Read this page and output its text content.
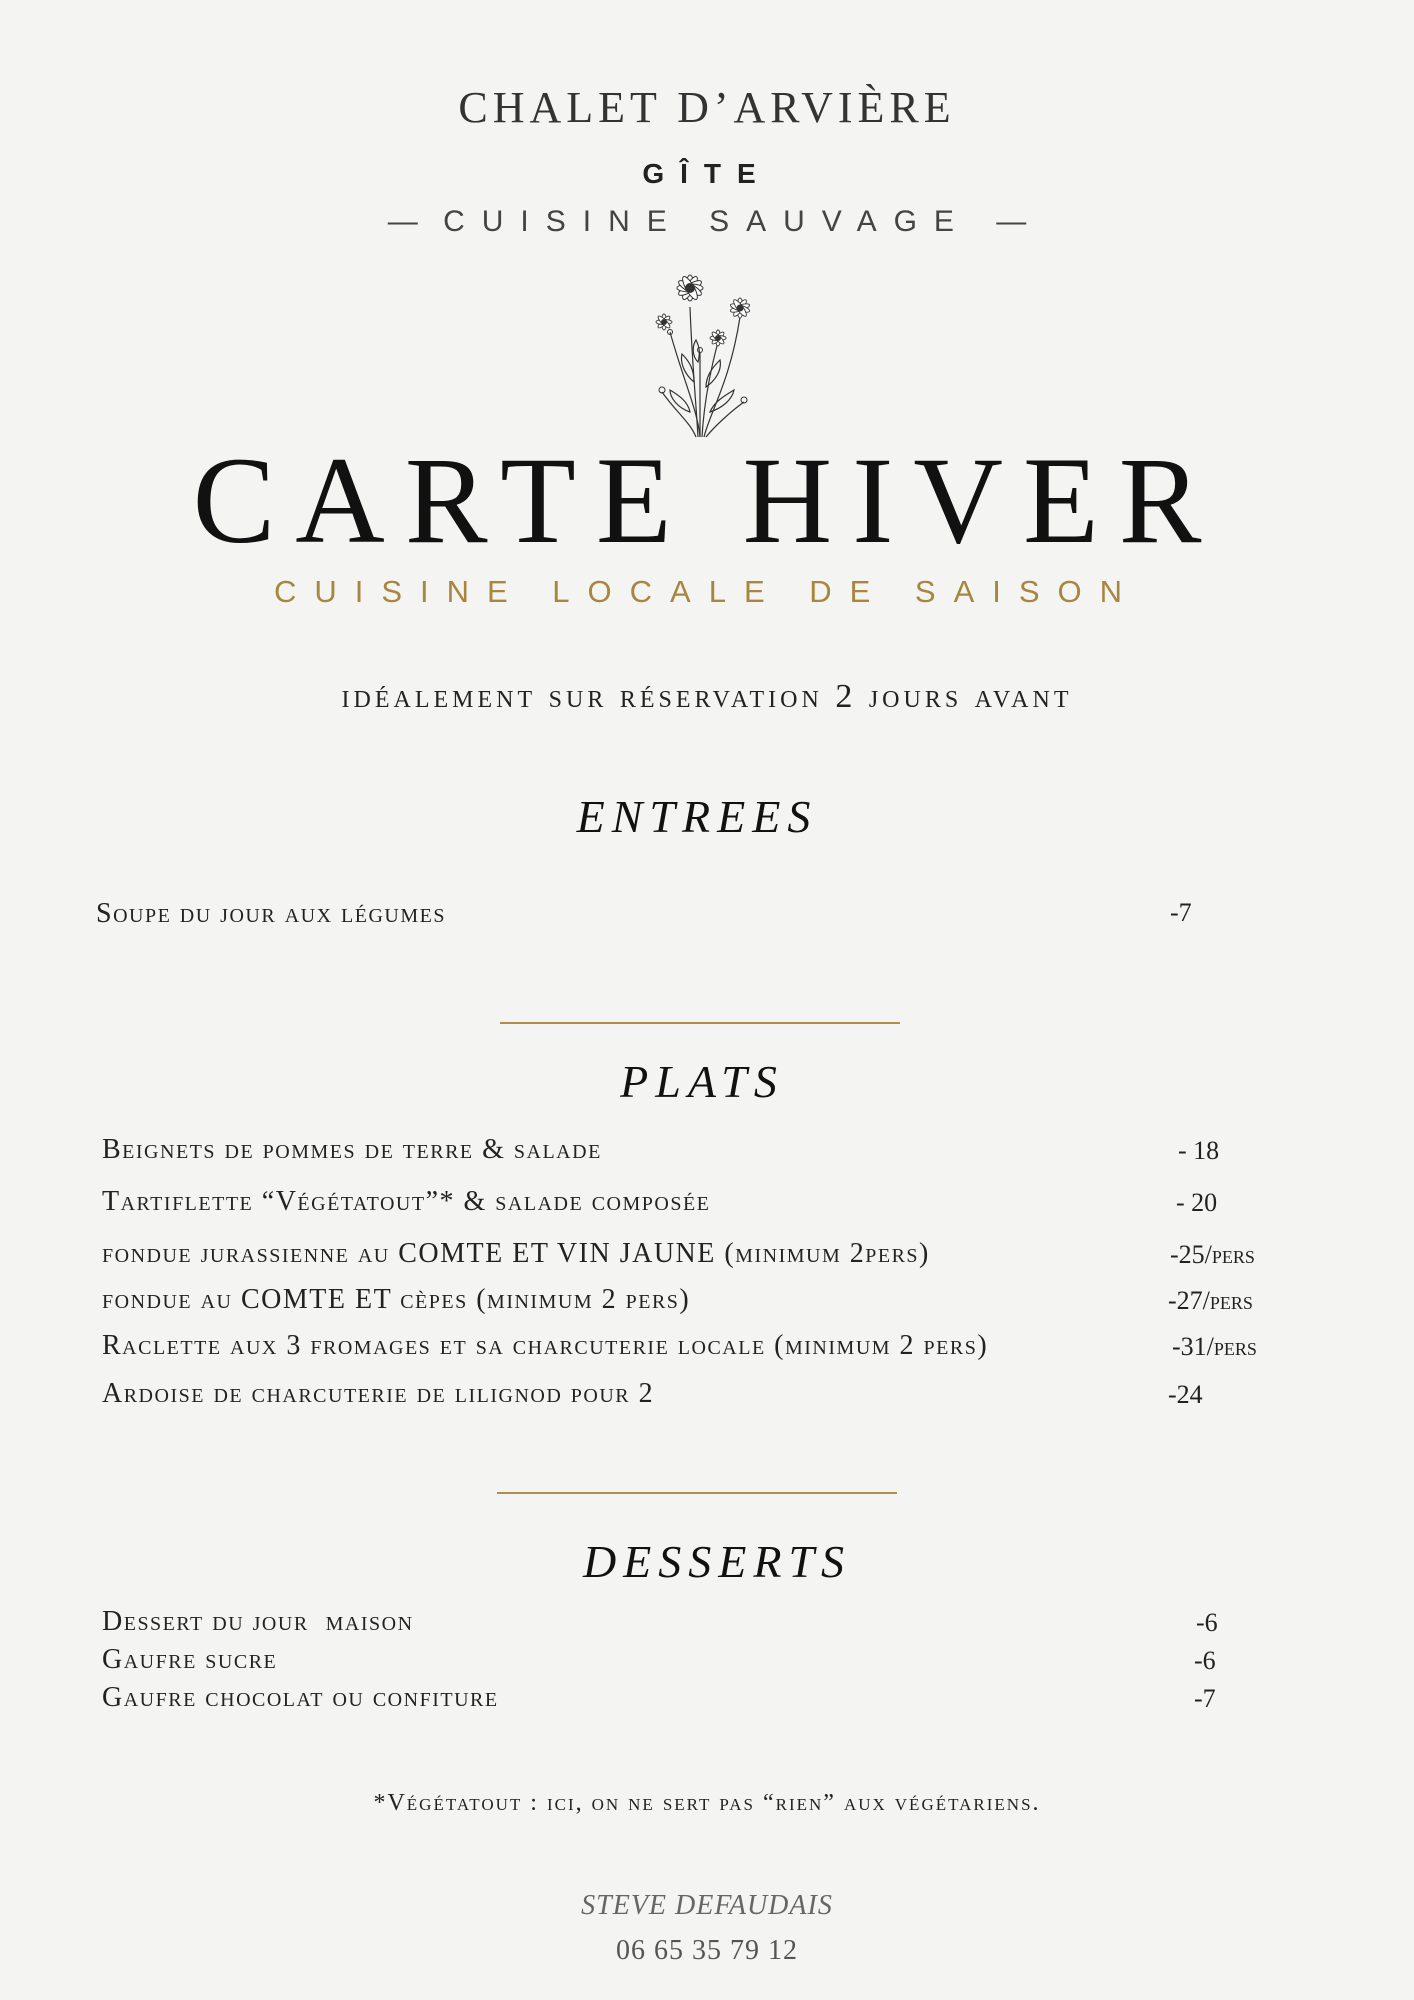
CHALET D’ARVIÈRE
GÎTE
— CUISINE SAUVAGE —
CARTE HIVER
CUISINE LOCALE DE SAISON
idéalement sur réservation 2 jours avant
ENTREES
Soupe du jour aux légumes	-7
PLATS
Beignets de pommes de terre & salade	- 18
Tartiflette “Végétatout”* & salade composée	- 20
fondue jurassienne au COMTE ET VIN JAUNE (minimum 2pers)	-25/pers
fondue au COMTE ET cèpes (minimum 2 pers)	-27/pers
Raclette aux 3 fromages et sa charcuterie locale (minimum 2 pers)	-31/pers
Ardoise de charcuterie de lilignod pour 2	-24
DESSERTS
Dessert du jour  maison	-6
Gaufre sucre	-6
Gaufre chocolat ou confiture	-7
*Végétatout : ici, on ne sert pas “rien” aux végétariens.
STEVE DEFAUDAIS
06 65 35 79 12
